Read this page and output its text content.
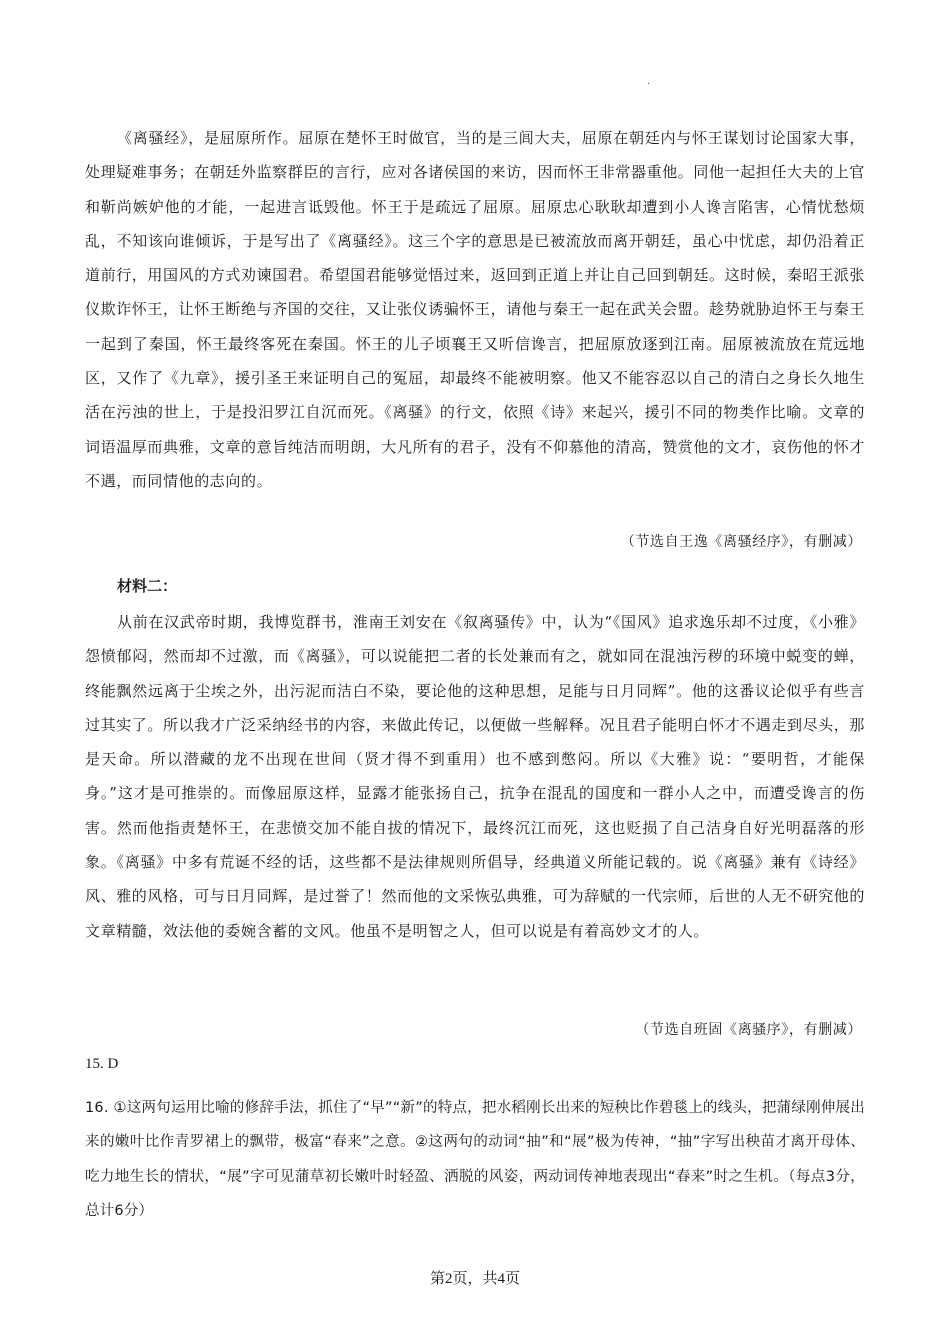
.

《离骚经》，是屈原所作。屈原在楚怀王时做官，当的是三闾大夫，屈原在朝廷内与怀王谋划讨论国家大事，处理疑难事务；在朝廷外监察群臣的言行，应对各诸侯国的来访，因而怀王非常器重他。同他一起担任大夫的上官和靳尚嫉妒他的才能，一起进言诋毁他。怀王于是疏远了屈原。屈原忠心耿耿却遭到小人谗言陷害，心情忧愁烦乱，不知该向谁倾诉，于是写出了《离骚经》。这三个字的意思是已被流放而离开朝廷，虽心中忧虑，却仍沿着正道前行，用国风的方式劝谏国君。希望国君能够觉悟过来，返回到正道上并让自己回到朝廷。这时候，秦昭王派张仪欺诈怀王，让怀王断绝与齐国的交往，又让张仪诱骗怀王，请他与秦王一起在武关会盟。趁势就胁迫怀王与秦王一起到了秦国，怀王最终客死在秦国。怀王的儿子顷襄王又听信谗言，把屈原放逐到江南。屈原被流放在荒远地区，又作了《九章》，援引圣王来证明自己的冤屈，却最终不能被明察。他又不能容忍以自己的清白之身长久地生活在污浊的世上，于是投汨罗江自沉而死。《离骚》的行文，依照《诗》来起兴，援引不同的物类作比喻。文章的词语温厚而典雅，文章的意旨纯洁而明朗，大凡所有的君子，没有不仰慕他的清高，赞赏他的文才，哀伤他的怀才不遇，而同情他的志向的。

（节选自王逸《离骚经序》，有删减）

材料二：

从前在汉武帝时期，我博览群书，淮南王刘安在《叙离骚传》中，认为“《国风》追求逸乐却不过度，《小雅》怨愤郁闷，然而却不过激，而《离骚》，可以说能把二者的长处兼而有之，就如同在混浊污秽的环境中蜕变的蝉，终能飘然远离于尘埃之外，出污泥而洁白不染，要论他的这种思想，足能与日月同辉”。他的这番议论似乎有些言过其实了。所以我才广泛采纳经书的内容，来做此传记，以便做一些解释。况且君子能明白怀才不遇走到尽头，那是天命。所以潜藏的龙不出现在世间（贤才得不到重用）也不感到憋闷。所以《大雅》说：“要明哲，才能保身。”这才是可推崇的。而像屈原这样，显露才能张扬自己，抗争在混乱的国度和一群小人之中，而遭受谗言的伤害。然而他指责楚怀王，在悲愤交加不能自拔的情况下，最终沉江而死，这也贬损了自己洁身自好光明磊落的形象。《离骚》中多有荒诞不经的话，这些都不是法律规则所倡导，经典道义所能记载的。说《离骚》兼有《诗经》风、雅的风格，可与日月同辉，是过誉了！然而他的文采恢弘典雅，可为辞赋的一代宗师，后世的人无不研究他的文章精髓，效法他的委婉含蓄的文风。他虽不是明智之人，但可以说是有着高妙文才的人。

（节选自班固《离骚序》，有删减）

15. D

16. ①这两句运用比喻的修辞手法，抓住了“早”“新”的特点，把水稻刚长出来的短秧比作碧毯上的线头，把蒲绿刚伸展出来的嫩叶比作青罗裙上的飘带，极富“春来”之意。②这两句的动词“抽”和“展”极为传神，“抽”字写出秧苗才离开母体、吃力地生长的情状，“展”字可见蒲草初长嫩叶时轻盈、洒脱的风姿，两动词传神地表现出“春来”时之生机。（每点3分，总计6分）

第2页，共4页
